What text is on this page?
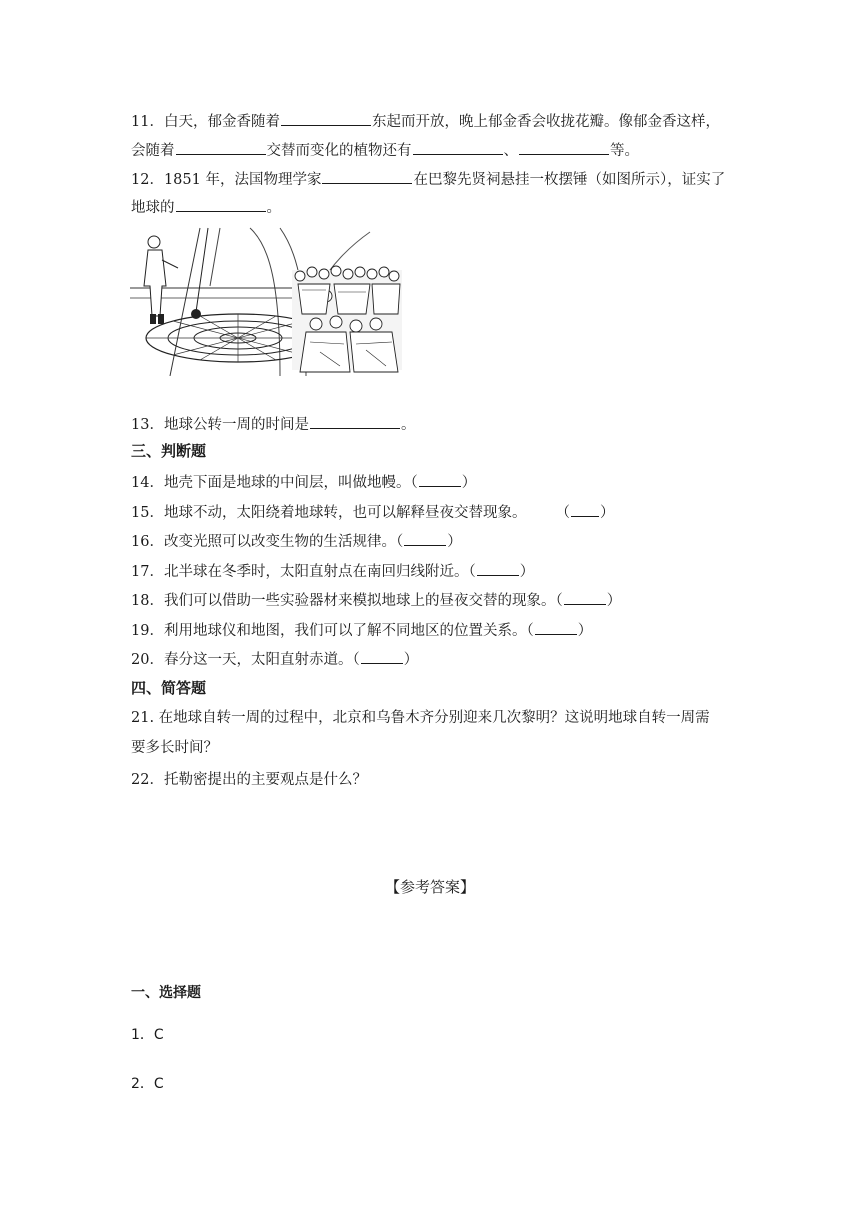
11．白天，郁金香随着	东起而开放，晚上郁金香会收拢花瓣。像郁金香这样，
会随着	交替而变化的植物还有	、	等。
12．1851 年，法国物理学家	在巴黎先贤祠悬挂一枚摆锤（如图所示），证实了
地球的	。
13．地球公转一周的时间是	。
三、判断题
14．地壳下面是地球的中间层，叫做地幔。（	）
15．地球不动，太阳绕着地球转，也可以解释昼夜交替现象。　　　（ ）
16．改变光照可以改变生物的生活规律。（	）
17．北半球在冬季时，太阳直射点在南回归线附近。（	）
18．我们可以借助一些实验器材来模拟地球上的昼夜交替的现象。（	）
19．利用地球仪和地图，我们可以了解不同地区的位置关系。（	）
20．春分这一天，太阳直射赤道。（	）
四、简答题
21. 在地球自转一周的过程中，北京和乌鲁木齐分别迎来几次黎明？这说明地球自转一周需
要多长时间？
22．托勒密提出的主要观点是什么？
【参考答案】
一、选择题
1．C
2．C
